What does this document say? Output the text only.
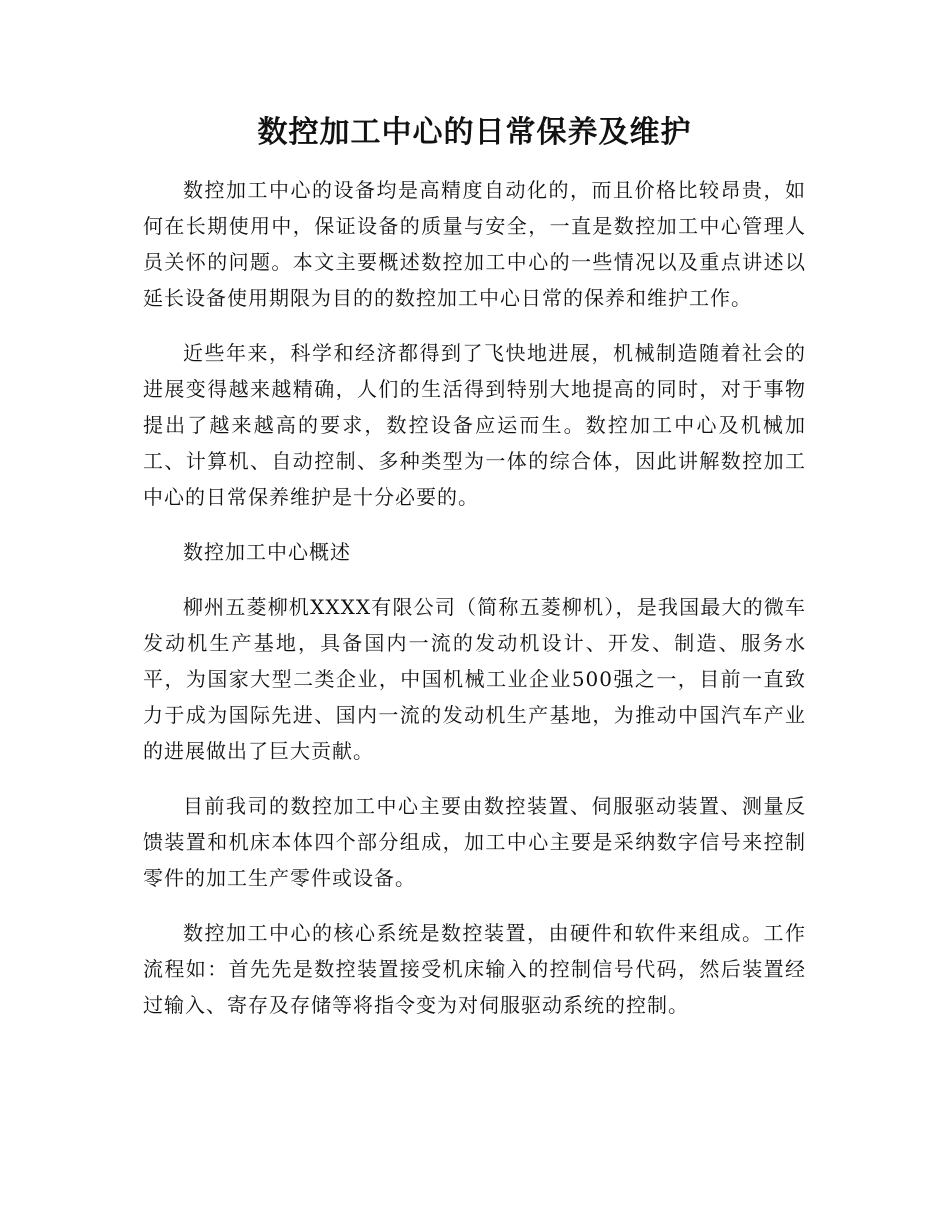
数控加工中心的日常保养及维护

数控加工中心的设备均是高精度自动化的，而且价格比较昂贵，如何在长期使用中，保证设备的质量与安全，一直是数控加工中心管理人员关怀的问题。本文主要概述数控加工中心的一些情况以及重点讲述以延长设备使用期限为目的的数控加工中心日常的保养和维护工作。

近些年来，科学和经济都得到了飞快地进展，机械制造随着社会的进展变得越来越精确，人们的生活得到特别大地提高的同时，对于事物提出了越来越高的要求，数控设备应运而生。数控加工中心及机械加工、计算机、自动控制、多种类型为一体的综合体，因此讲解数控加工中心的日常保养维护是十分必要的。

数控加工中心概述

柳州五菱柳机XXXX有限公司（简称五菱柳机），是我国最大的微车发动机生产基地，具备国内一流的发动机设计、开发、制造、服务水平，为国家大型二类企业，中国机械工业企业500强之一，目前一直致力于成为国际先进、国内一流的发动机生产基地，为推动中国汽车产业的进展做出了巨大贡献。

目前我司的数控加工中心主要由数控装置、伺服驱动装置、测量反馈装置和机床本体四个部分组成，加工中心主要是采纳数字信号来控制零件的加工生产零件或设备。

数控加工中心的核心系统是数控装置，由硬件和软件来组成。工作流程如：首先先是数控装置接受机床输入的控制信号代码，然后装置经过输入、寄存及存储等将指令变为对伺服驱动系统的控制。
